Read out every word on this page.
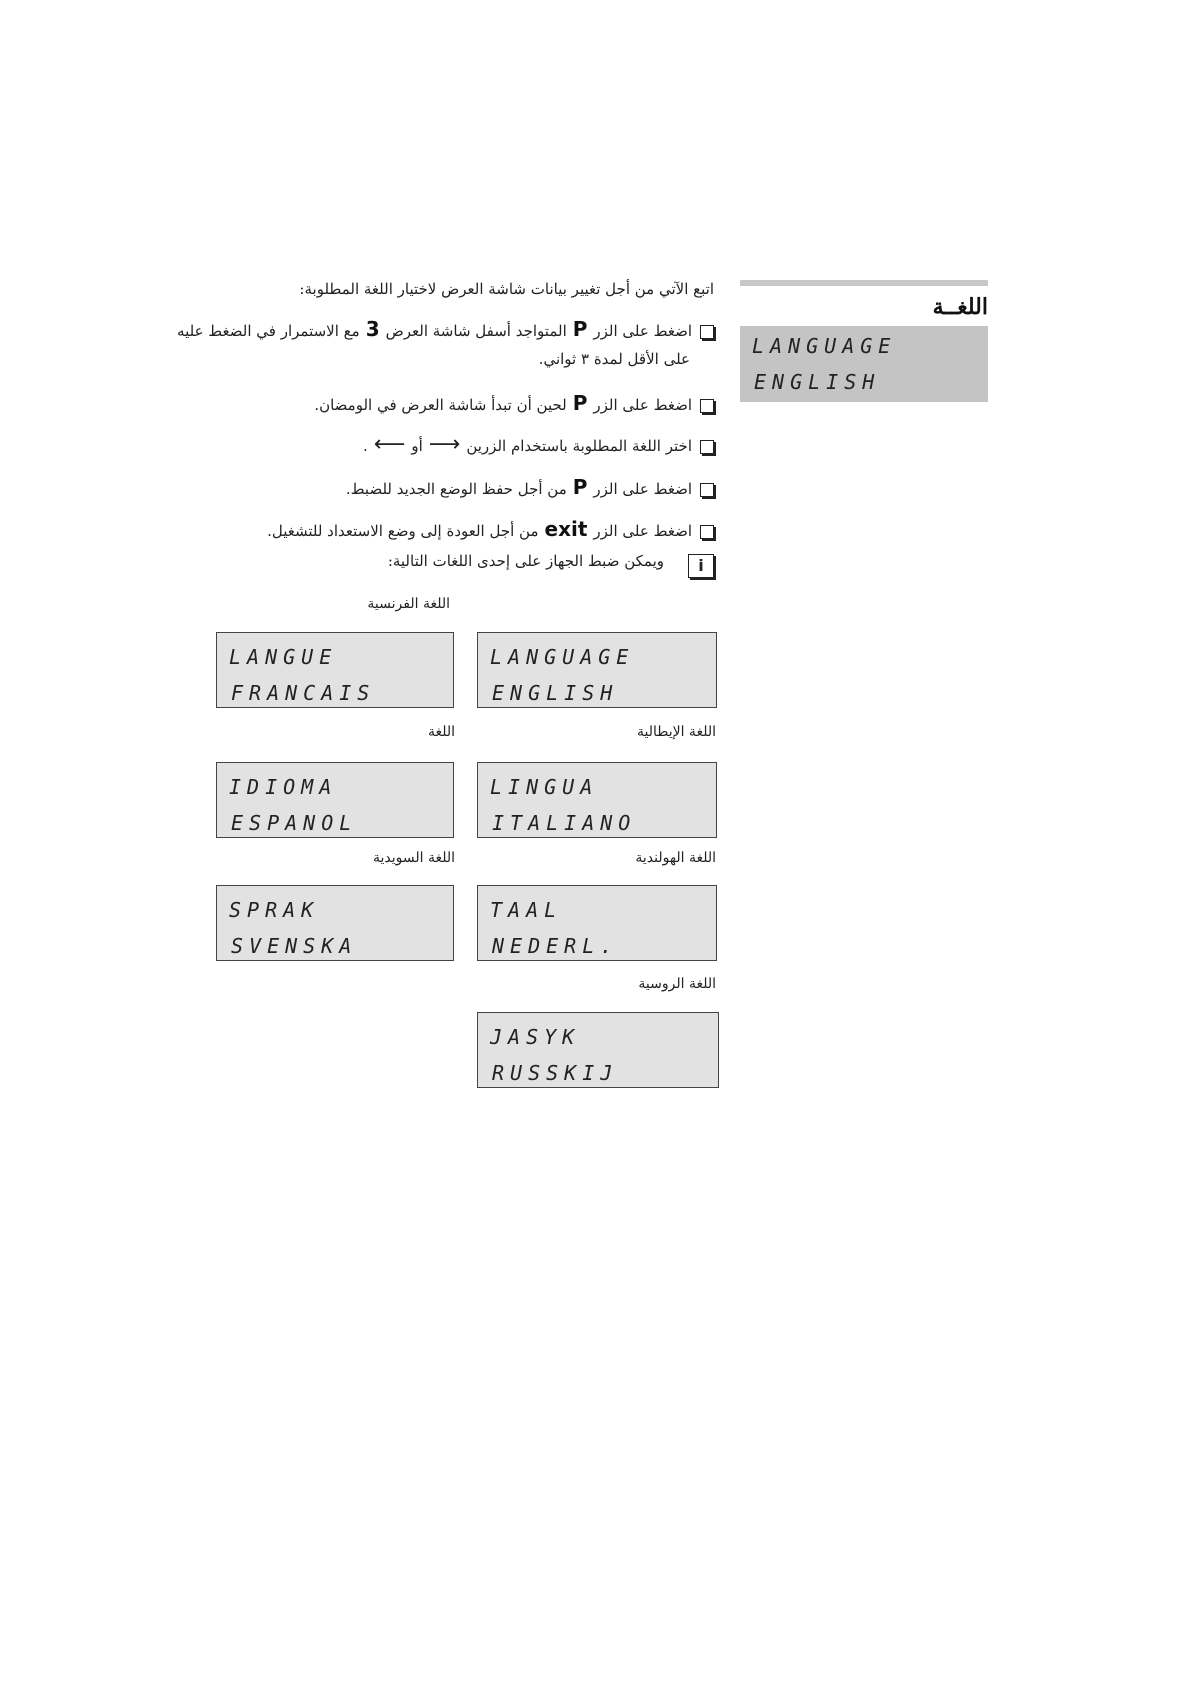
اللغــة
LANGUAGE
ENGLISH
اتبع الآتي من أجل تغيير بيانات شاشة العرض لاختيار اللغة المطلوبة:
اضغط على الزرPالمتواجد أسفل شاشة العرض3مع الاستمرار في الضغط عليه
على الأقل لمدة ٣ ثواني.
اضغط على الزرPلحين أن تبدأ شاشة العرض في الومضان.
اختر اللغة المطلوبة باستخدام الزرين⟶أو⟵.
اضغط على الزرPمن أجل حفظ الوضع الجديد للضبط.
اضغط على الزرexitمن أجل العودة إلى وضع الاستعداد للتشغيل.
i
ويمكن ضبط الجهاز على إحدى اللغات التالية:
اللغة الفرنسية
LANGUE
FRANCAIS
LANGUAGE
ENGLISH
اللغة	اللغة الإيطالية
IDIOMA
ESPANOL
LINGUA
ITALIANO
اللغة السويدية	اللغة الهولندية
SPRAK
SVENSKA
TAAL
NEDERL.
اللغة الروسية
JASYK
RUSSKIJ
